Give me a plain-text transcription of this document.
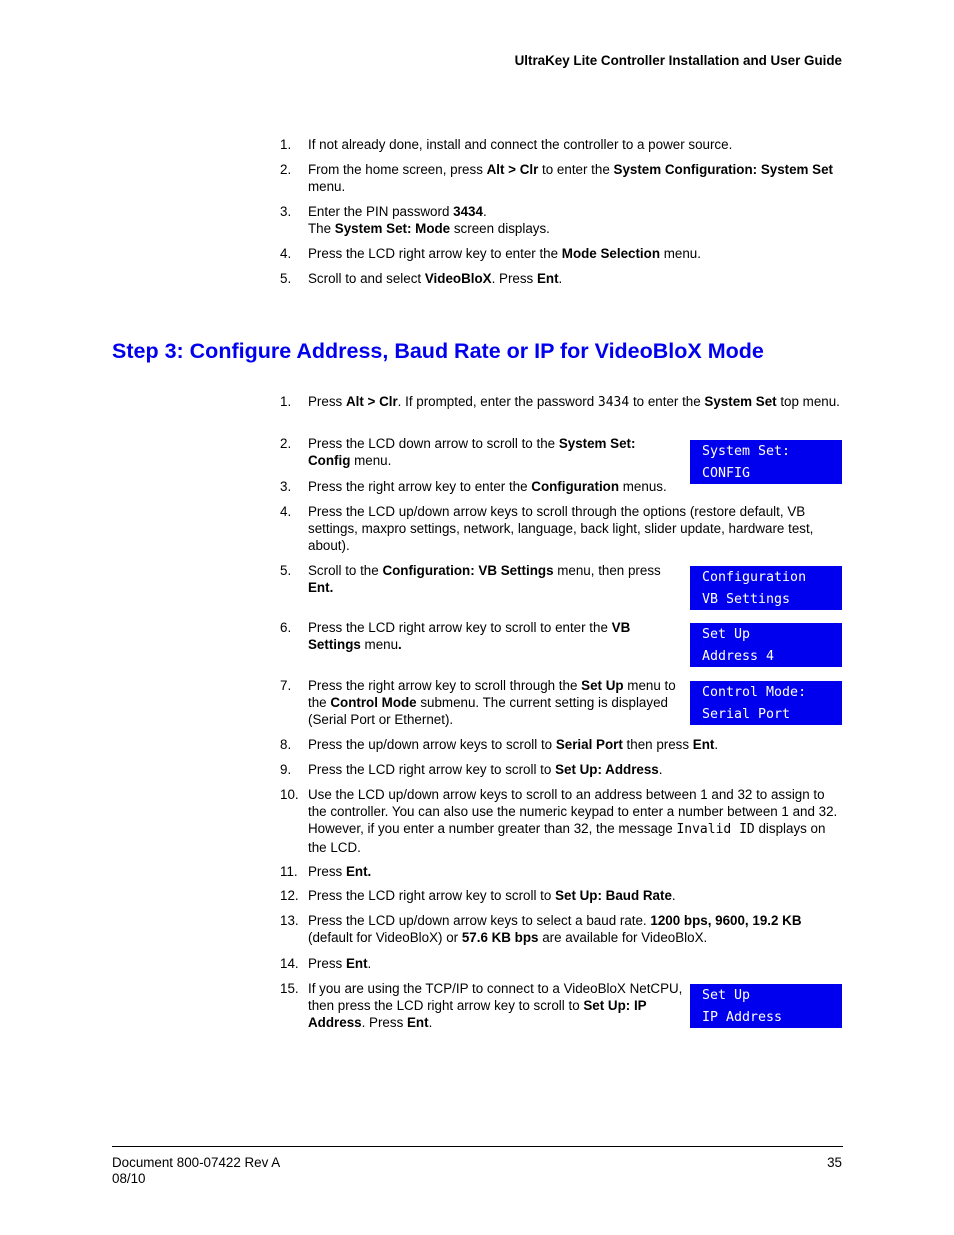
UltraKey Lite Controller Installation and User Guide
1.	If not already done, install and connect the controller to a power source.
2.	From the home screen, press Alt > Clr to enter the System Configuration: System Set menu.
3.	Enter the PIN password 3434.
The System Set: Mode screen displays.
4.	Press the LCD right arrow key to enter the Mode Selection menu.
5.	Scroll to and select VideoBloX. Press Ent.
Step 3: Configure Address, Baud Rate or IP for VideoBloX Mode
1.	Press Alt > Clr. If prompted, enter the password 3434 to enter the System Set top menu.
2.	Press the LCD down arrow to scroll to the System Set: Config menu.
3.	Press the right arrow key to enter the Configuration menus.
4.	Press the LCD up/down arrow keys to scroll through the options (restore default, VB settings, maxpro settings, network, language, back light, slider update, hardware test, about).
5.	Scroll to the Configuration: VB Settings menu, then press Ent.
6.	Press the LCD right arrow key to scroll to enter the VB Settings menu.
7.	Press the right arrow key to scroll through the Set Up menu to the Control Mode submenu. The current setting is displayed (Serial Port or Ethernet).
8.	Press the up/down arrow keys to scroll to Serial Port then press Ent.
9.	Press the LCD right arrow key to scroll to Set Up: Address.
10. Use the LCD up/down arrow keys to scroll to an address between 1 and 32 to assign to the controller. You can also use the numeric keypad to enter a number between 1 and 32. However, if you enter a number greater than 32, the message Invalid ID displays on the LCD.
11. Press Ent.
12. Press the LCD right arrow key to scroll to Set Up: Baud Rate.
13. Press the LCD up/down arrow keys to select a baud rate. 1200 bps, 9600, 19.2 KB (default for VideoBloX) or 57.6 KB bps are available for VideoBloX.
14. Press Ent.
15. If you are using the TCP/IP to connect to a VideoBloX NetCPU, then press the LCD right arrow key to scroll to Set Up: IP Address. Press Ent.
System Set:
CONFIG
Configuration
VB Settings
Set Up
Address 4
Control Mode:
Serial Port
Set Up
IP Address
Document 800-07422 Rev A
08/10
35
